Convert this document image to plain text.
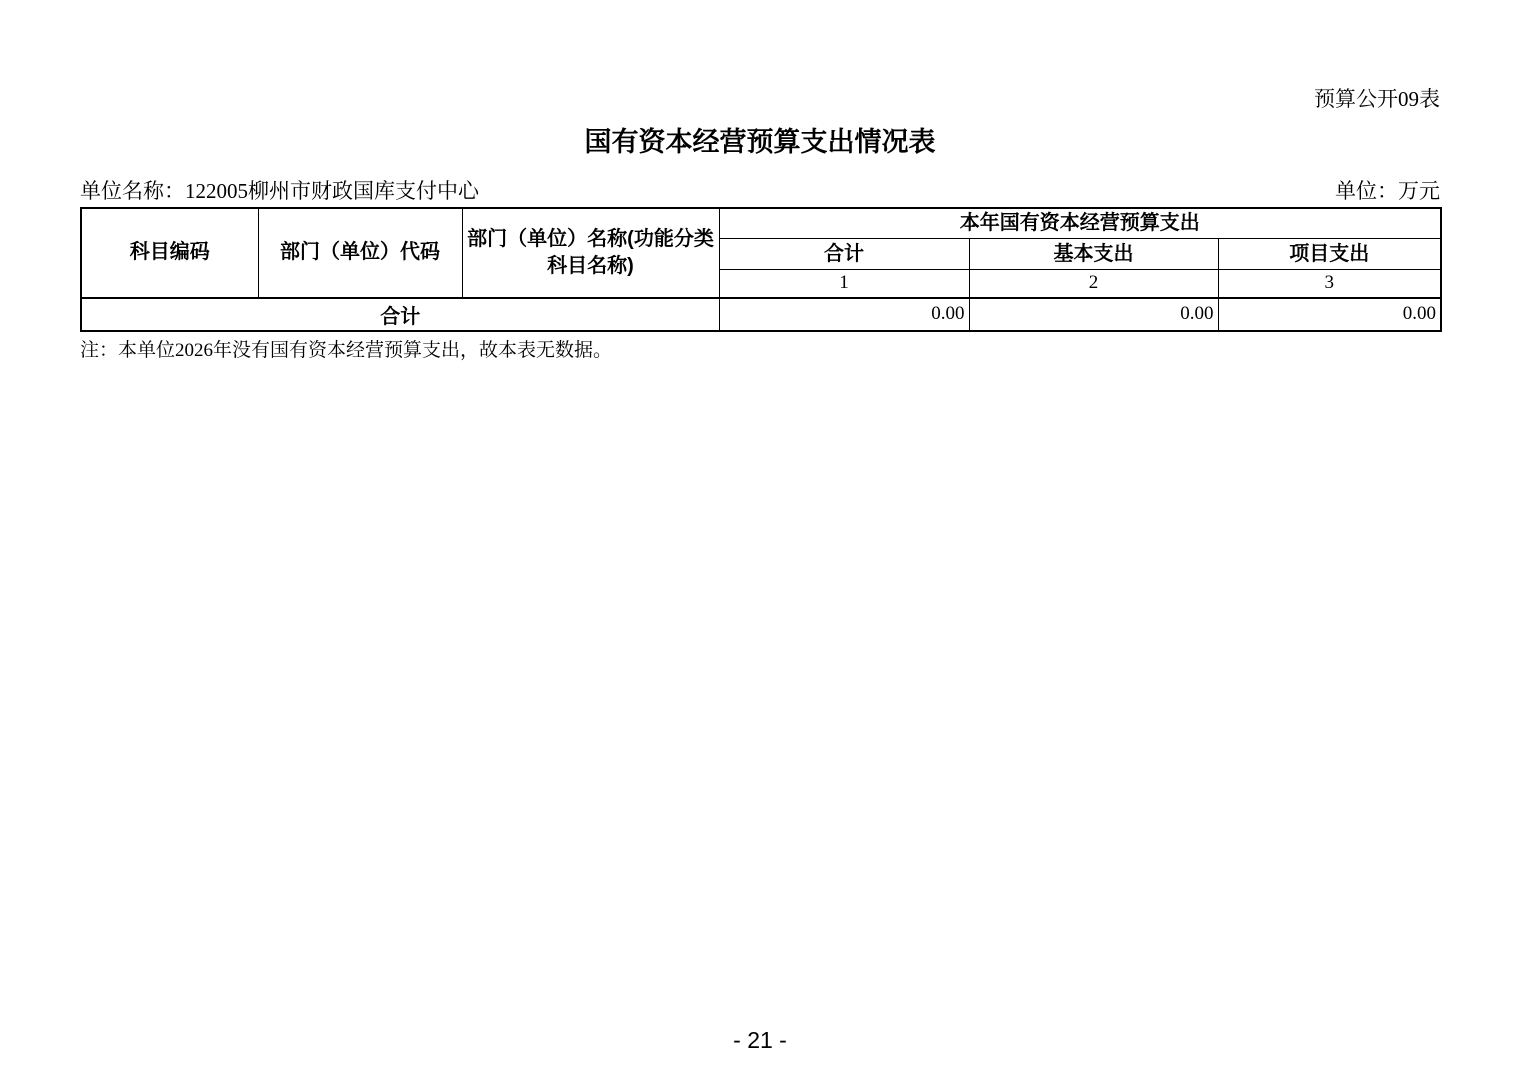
预算公开09表
国有资本经营预算支出情况表
单位名称：122005柳州市财政国库支付中心	单位：万元
科目编码	部门（单位）代码	部门（单位）名称(功能分类科目名称)	本年国有资本经营预算支出		
			合计	基本支出	项目支出
			1	2	3
合计			0.00	0.00	0.00
注：本单位2026年没有国有资本经营预算支出，故本表无数据。
- 21 -
